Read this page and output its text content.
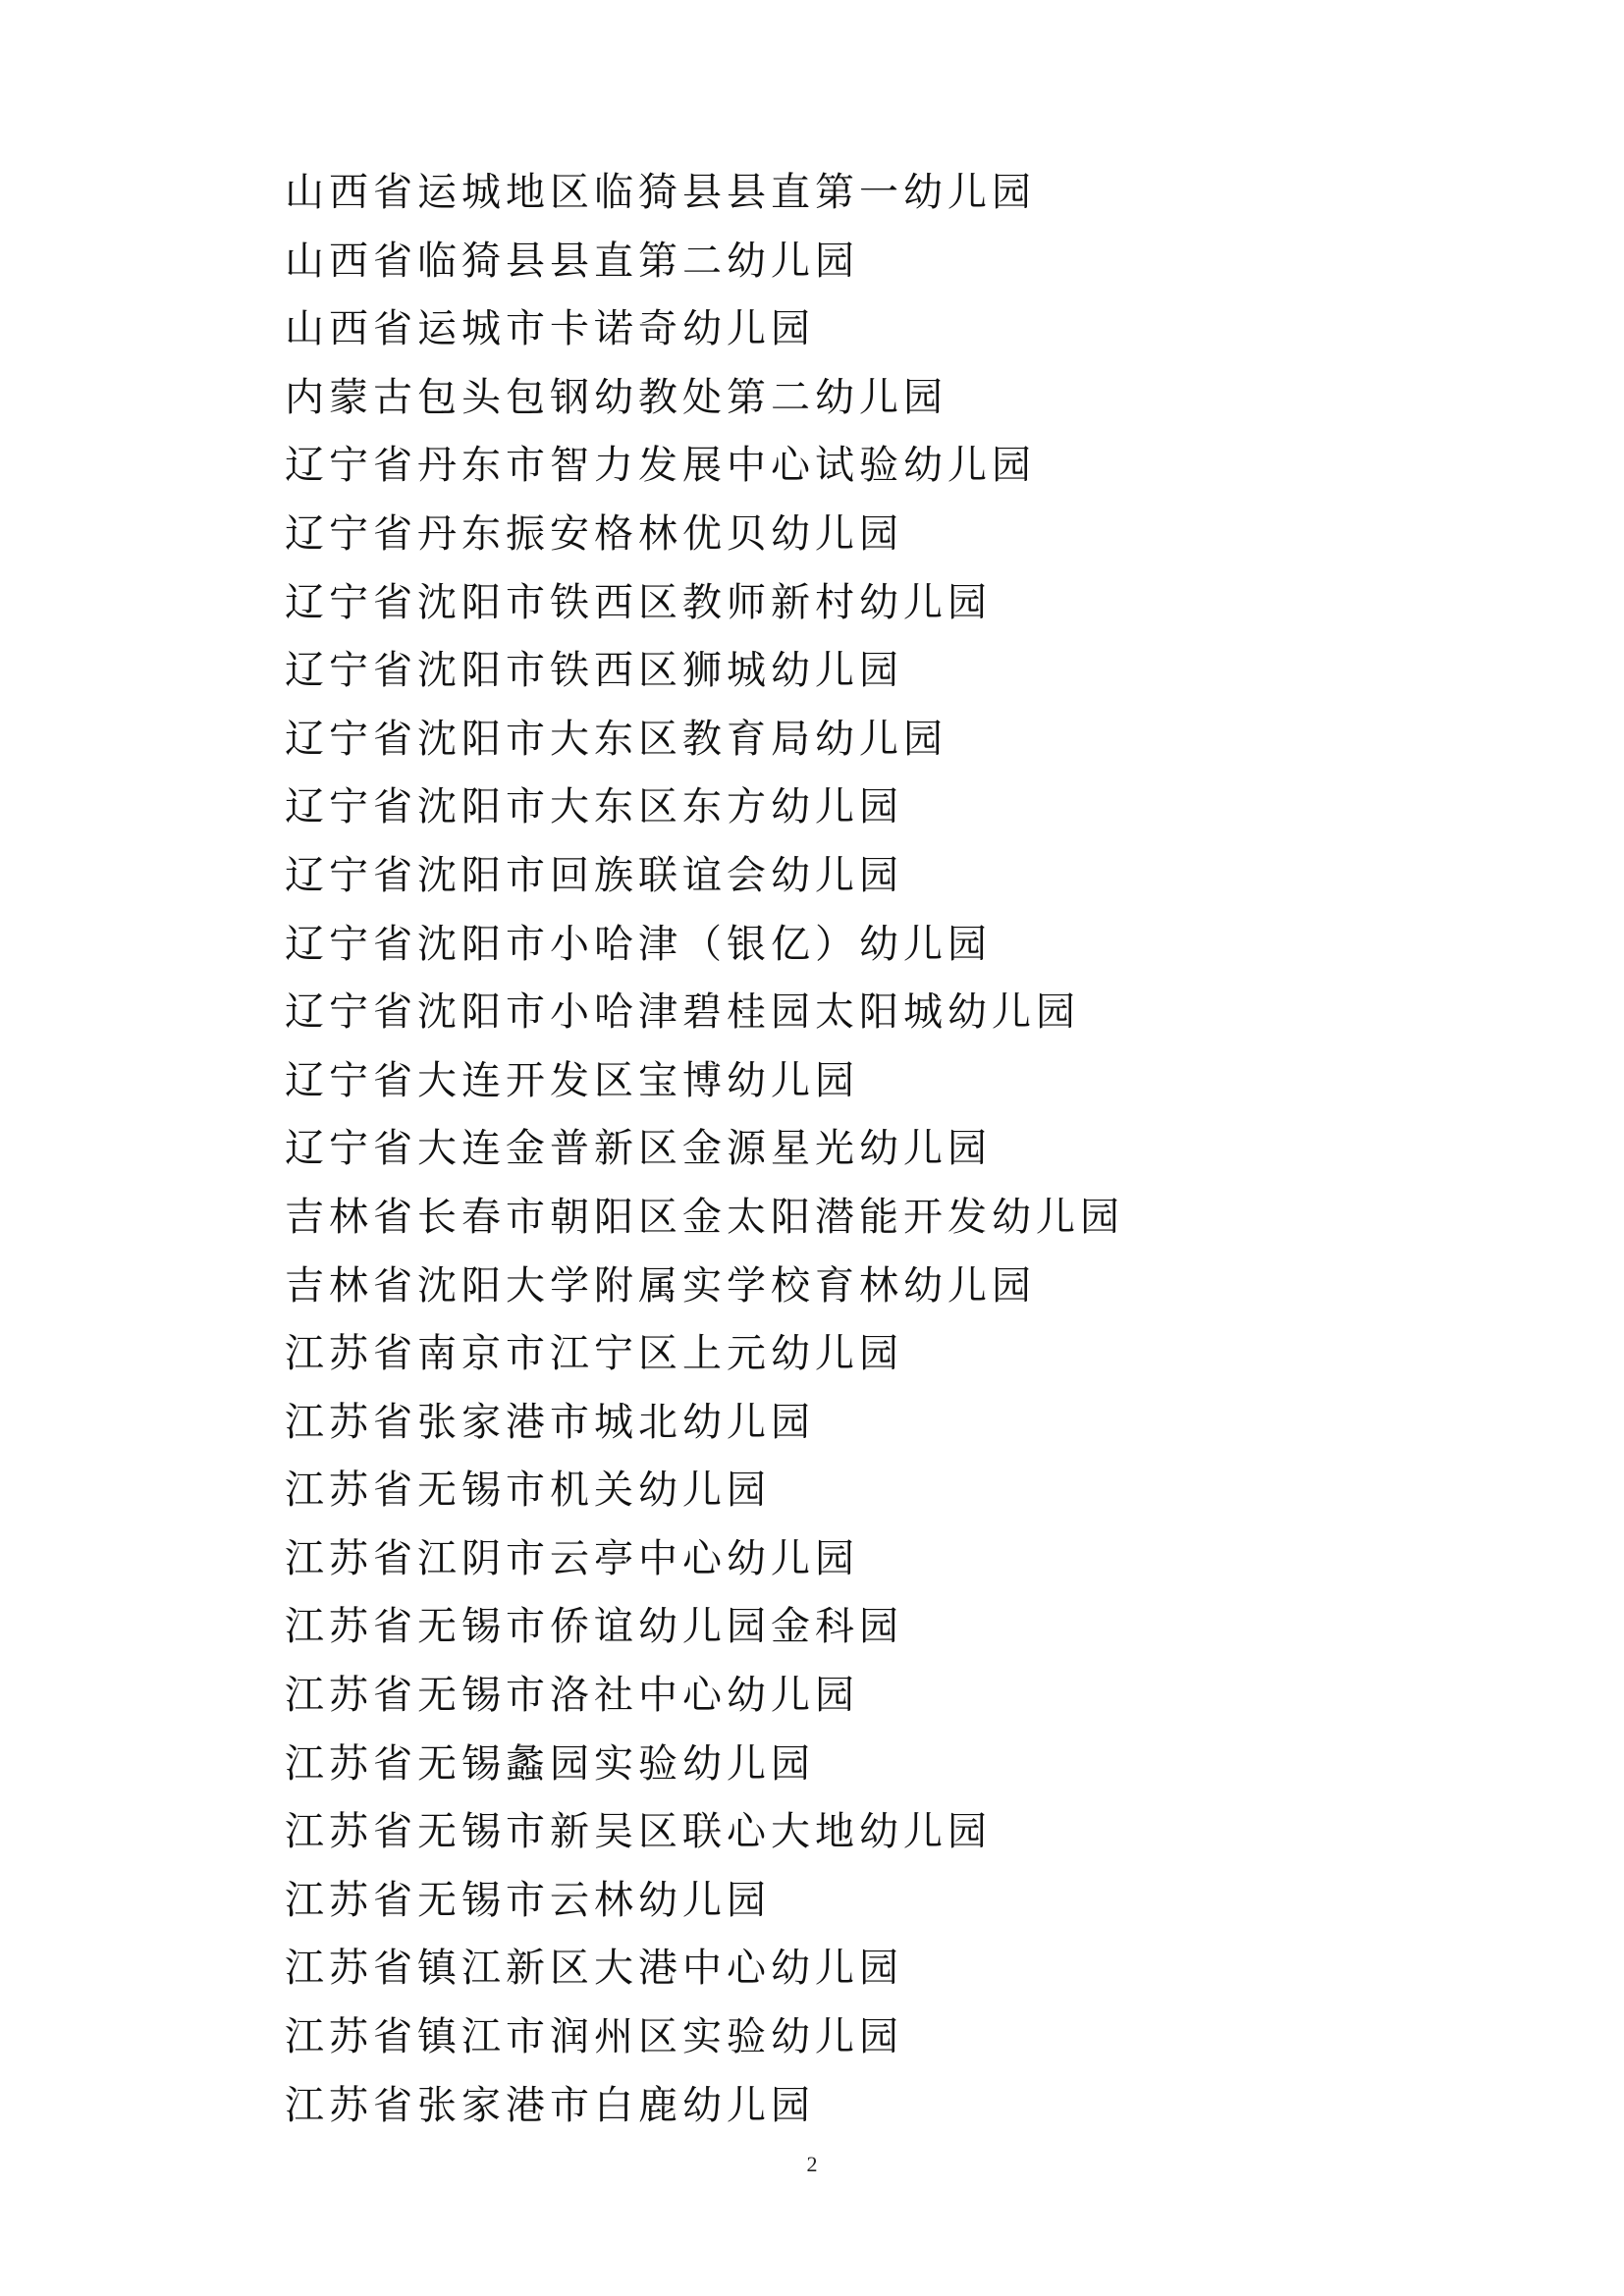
山西省运城地区临猗县县直第一幼儿园
山西省临猗县县直第二幼儿园
山西省运城市卡诺奇幼儿园
内蒙古包头包钢幼教处第二幼儿园
辽宁省丹东市智力发展中心试验幼儿园
辽宁省丹东振安格林优贝幼儿园
辽宁省沈阳市铁西区教师新村幼儿园
辽宁省沈阳市铁西区狮城幼儿园
辽宁省沈阳市大东区教育局幼儿园
辽宁省沈阳市大东区东方幼儿园
辽宁省沈阳市回族联谊会幼儿园
辽宁省沈阳市小哈津（银亿）幼儿园
辽宁省沈阳市小哈津碧桂园太阳城幼儿园
辽宁省大连开发区宝博幼儿园
辽宁省大连金普新区金源星光幼儿园
吉林省长春市朝阳区金太阳潜能开发幼儿园
吉林省沈阳大学附属实学校育林幼儿园
江苏省南京市江宁区上元幼儿园
江苏省张家港市城北幼儿园
江苏省无锡市机关幼儿园
江苏省江阴市云亭中心幼儿园
江苏省无锡市侨谊幼儿园金科园
江苏省无锡市洛社中心幼儿园
江苏省无锡蠡园实验幼儿园
江苏省无锡市新吴区联心大地幼儿园
江苏省无锡市云林幼儿园
江苏省镇江新区大港中心幼儿园
江苏省镇江市润州区实验幼儿园
江苏省张家港市白鹿幼儿园
2
